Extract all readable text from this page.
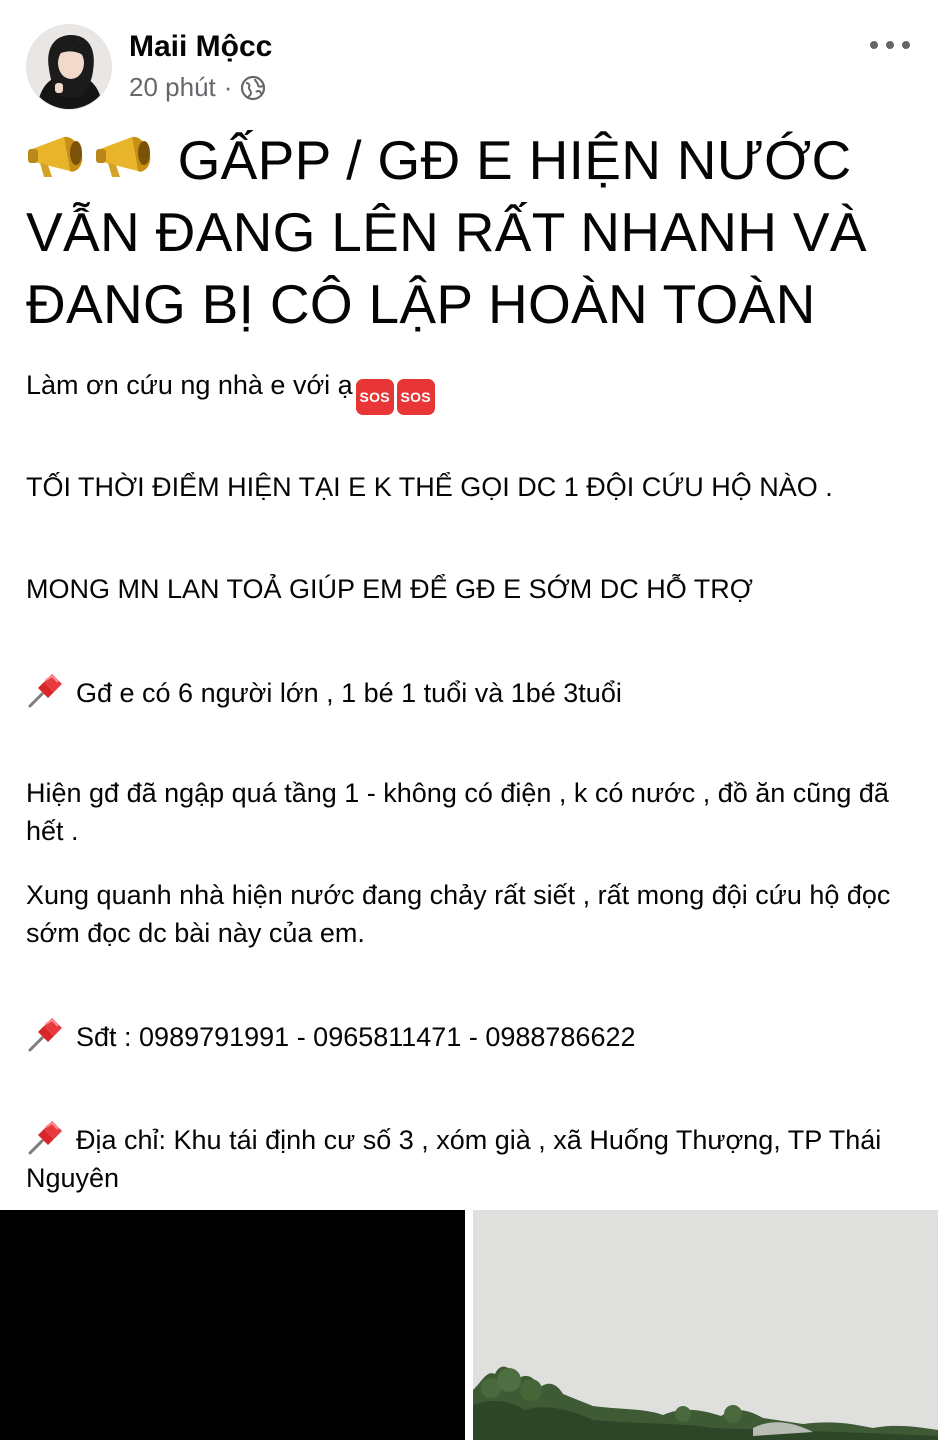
Maii Mộcc
20 phút ·

GẤPP / GĐ E HIỆN NƯỚC VẪN ĐANG LÊN RẤT NHANH VÀ ĐANG BỊ CÔ LẬP HOÀN TOÀN

Làm ơn cứu ng nhà e với ạ SOS SOS

TỐI THỜI ĐIỂM HIỆN TẠI E K THỂ GỌI DC 1 ĐỘI CỨU HỘ NÀO .

MONG MN LAN TOẢ GIÚP EM ĐỂ GĐ E SỚM DC HỖ TRỢ

Gđ e có 6 người lớn , 1 bé 1 tuổi và 1bé 3tuổi

Hiện gđ đã ngập quá tầng 1 - không có điện , k có nước , đồ ăn cũng đã hết .

Xung quanh nhà hiện nước đang chảy rất siết , rất mong đội cứu hộ đọc sớm đọc dc bài này của em.

Sđt : 0989791991 - 0965811471 - 0988786622

Địa chỉ: Khu tái định cư số 3 , xóm già , xã Huống Thượng, TP Thái Nguyên
